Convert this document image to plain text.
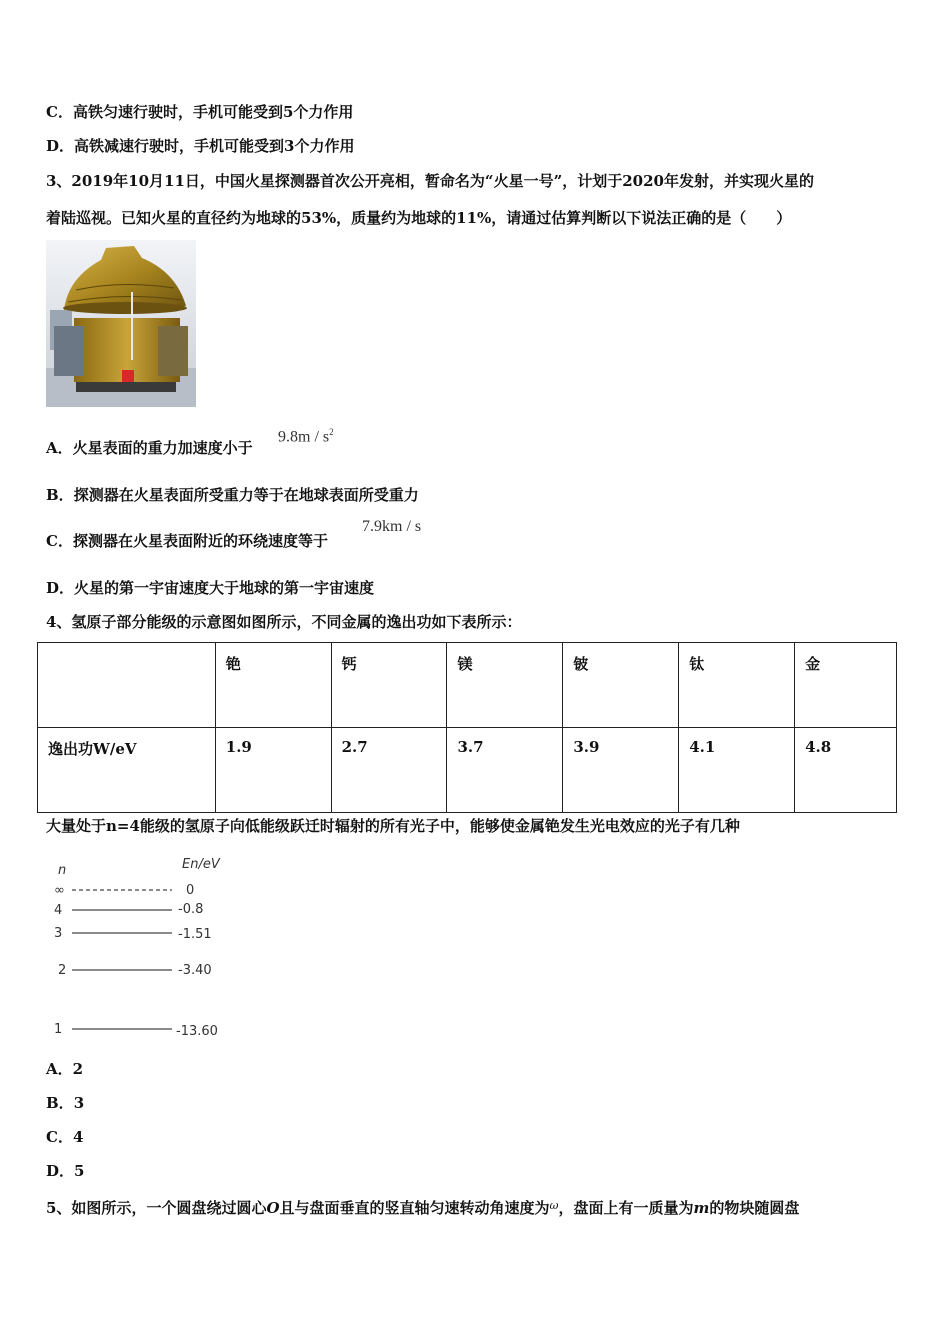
C．高铁匀速行驶时，手机可能受到5个力作用
D．高铁减速行驶时，手机可能受到3个力作用
3、2019年10月11日，中国火星探测器首次公开亮相，暂命名为“火星一号”，计划于2020年发射，并实现火星的
着陆巡视。已知火星的直径约为地球的53%，质量约为地球的11%，请通过估算判断以下说法正确的是（　　）
A．火星表面的重力加速度小于
$9.8m / s^2$
B．探测器在火星表面所受重力等于在地球表面所受重力
C．探测器在火星表面附近的环绕速度等于
7.9km / s
D．火星的第一宇宙速度大于地球的第一宇宙速度
4、氢原子部分能级的示意图如图所示，不同金属的逸出功如下表所示：
	铯	钙	镁	铍	钛	金
逸出功W/eV	1.9	2.7	3.7	3.9	4.1	4.8
大量处于n=4能级的氢原子向低能级跃迁时辐射的所有光子中，能够使金属铯发生光电效应的光子有几种
n	En/eV
∞	0
4	-0.8
3	-1.51
2	-3.40
1	-13.60
A．2
B．3
C．4
D．5
5、如图所示，一个圆盘绕过圆心O且与盘面垂直的竖直轴匀速转动角速度为$^\omega$，盘面上有一质量为m的物块随圆盘
